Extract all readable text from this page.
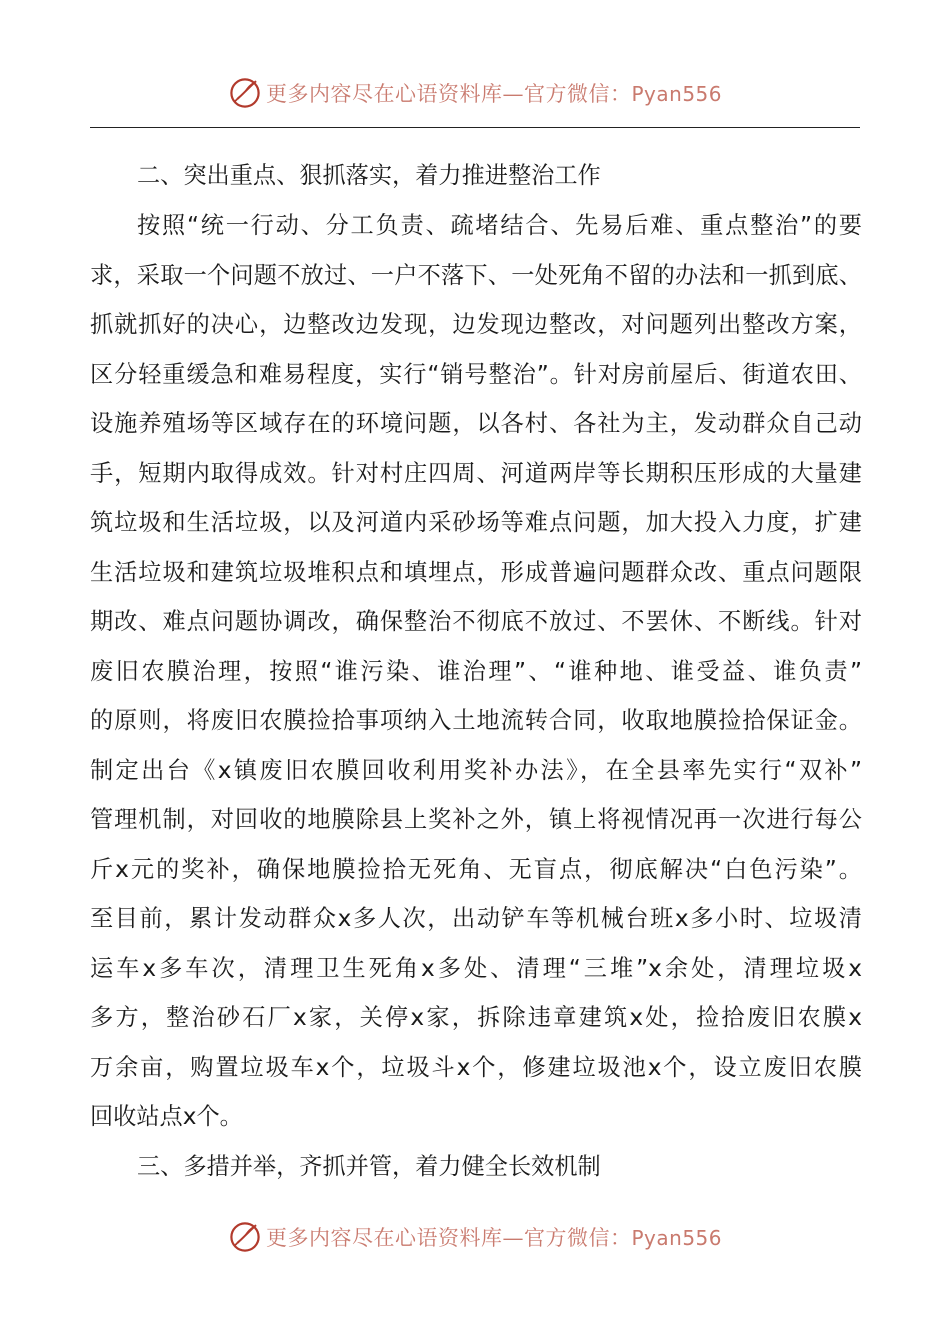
更多内容尽在心语资料库—官方微信：Pyan556
二、突出重点、狠抓落实，着力推进整治工作
按照“统一行动、分工负责、疏堵结合、先易后难、重点整治”的要
求，采取一个问题不放过、一户不落下、一处死角不留的办法和一抓到底、
抓就抓好的决心，边整改边发现，边发现边整改，对问题列出整改方案，
区分轻重缓急和难易程度，实行“销号整治”。针对房前屋后、街道农田、
设施养殖场等区域存在的环境问题，以各村、各社为主，发动群众自己动
手，短期内取得成效。针对村庄四周、河道两岸等长期积压形成的大量建
筑垃圾和生活垃圾，以及河道内采砂场等难点问题，加大投入力度，扩建
生活垃圾和建筑垃圾堆积点和填埋点，形成普遍问题群众改、重点问题限
期改、难点问题协调改，确保整治不彻底不放过、不罢休、不断线。针对
废旧农膜治理，按照“谁污染、谁治理”、“谁种地、谁受益、谁负责”
的原则，将废旧农膜捡拾事项纳入土地流转合同，收取地膜捡拾保证金。
制定出台《x镇废旧农膜回收利用奖补办法》，在全县率先实行“双补”
管理机制，对回收的地膜除县上奖补之外，镇上将视情况再一次进行每公
斤x元的奖补，确保地膜捡拾无死角、无盲点，彻底解决“白色污染”。
至目前，累计发动群众x多人次，出动铲车等机械台班x多小时、垃圾清
运车x多车次，清理卫生死角x多处、清理“三堆”x余处，清理垃圾x
多方，整治砂石厂x家，关停x家，拆除违章建筑x处，捡拾废旧农膜x
万余亩，购置垃圾车x个，垃圾斗x个，修建垃圾池x个，设立废旧农膜
回收站点x个。
三、多措并举，齐抓并管，着力健全长效机制
更多内容尽在心语资料库—官方微信：Pyan556
